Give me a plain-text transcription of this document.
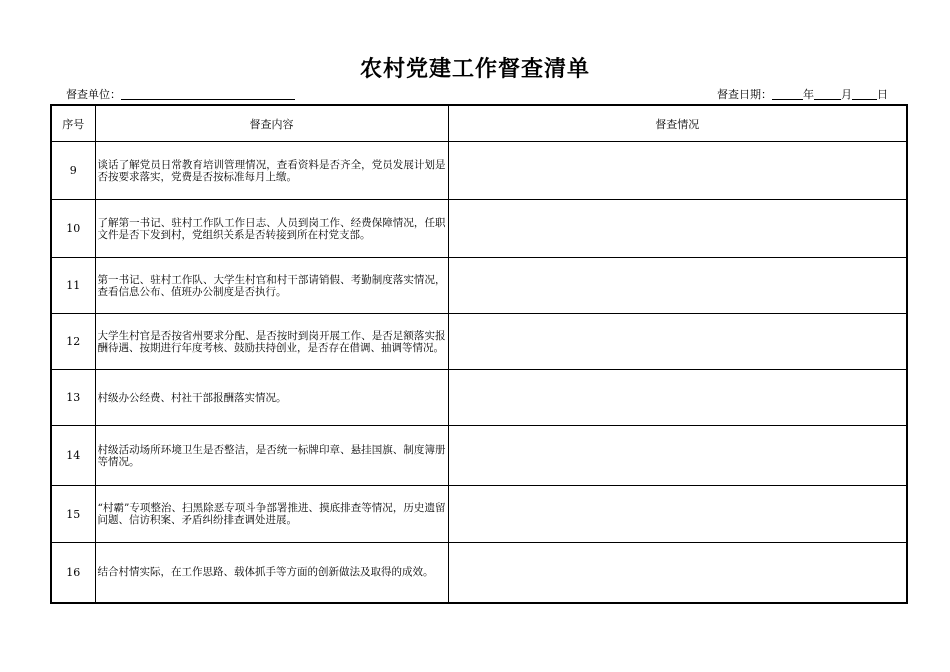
农村党建工作督查清单
督查单位：	督查日期：	年 月 日
序号	督查内容	督查情况
9	谈话了解党员日常教育培训管理情况，查看资料是否齐全，党员发展计划是否按要求落实，党费是否按标准每月上缴。	
10	了解第一书记、驻村工作队工作日志、人员到岗工作、经费保障情况，任职文件是否下发到村，党组织关系是否转接到所在村党支部。	
11	第一书记、驻村工作队、大学生村官和村干部请销假、考勤制度落实情况，查看信息公布、值班办公制度是否执行。	
12	大学生村官是否按省州要求分配、是否按时到岗开展工作、是否足额落实报酬待遇、按期进行年度考核、鼓励扶持创业，是否存在借调、抽调等情况。	
13	村级办公经费、村社干部报酬落实情况。	
14	村级活动场所环境卫生是否整洁，是否统一标牌印章、悬挂国旗、制度簿册等情况。	
15	“村霸”专项整治、扫黑除恶专项斗争部署推进、摸底排查等情况，历史遗留问题、信访积案、矛盾纠纷排查调处进展。	
16	结合村情实际，在工作思路、载体抓手等方面的创新做法及取得的成效。	
